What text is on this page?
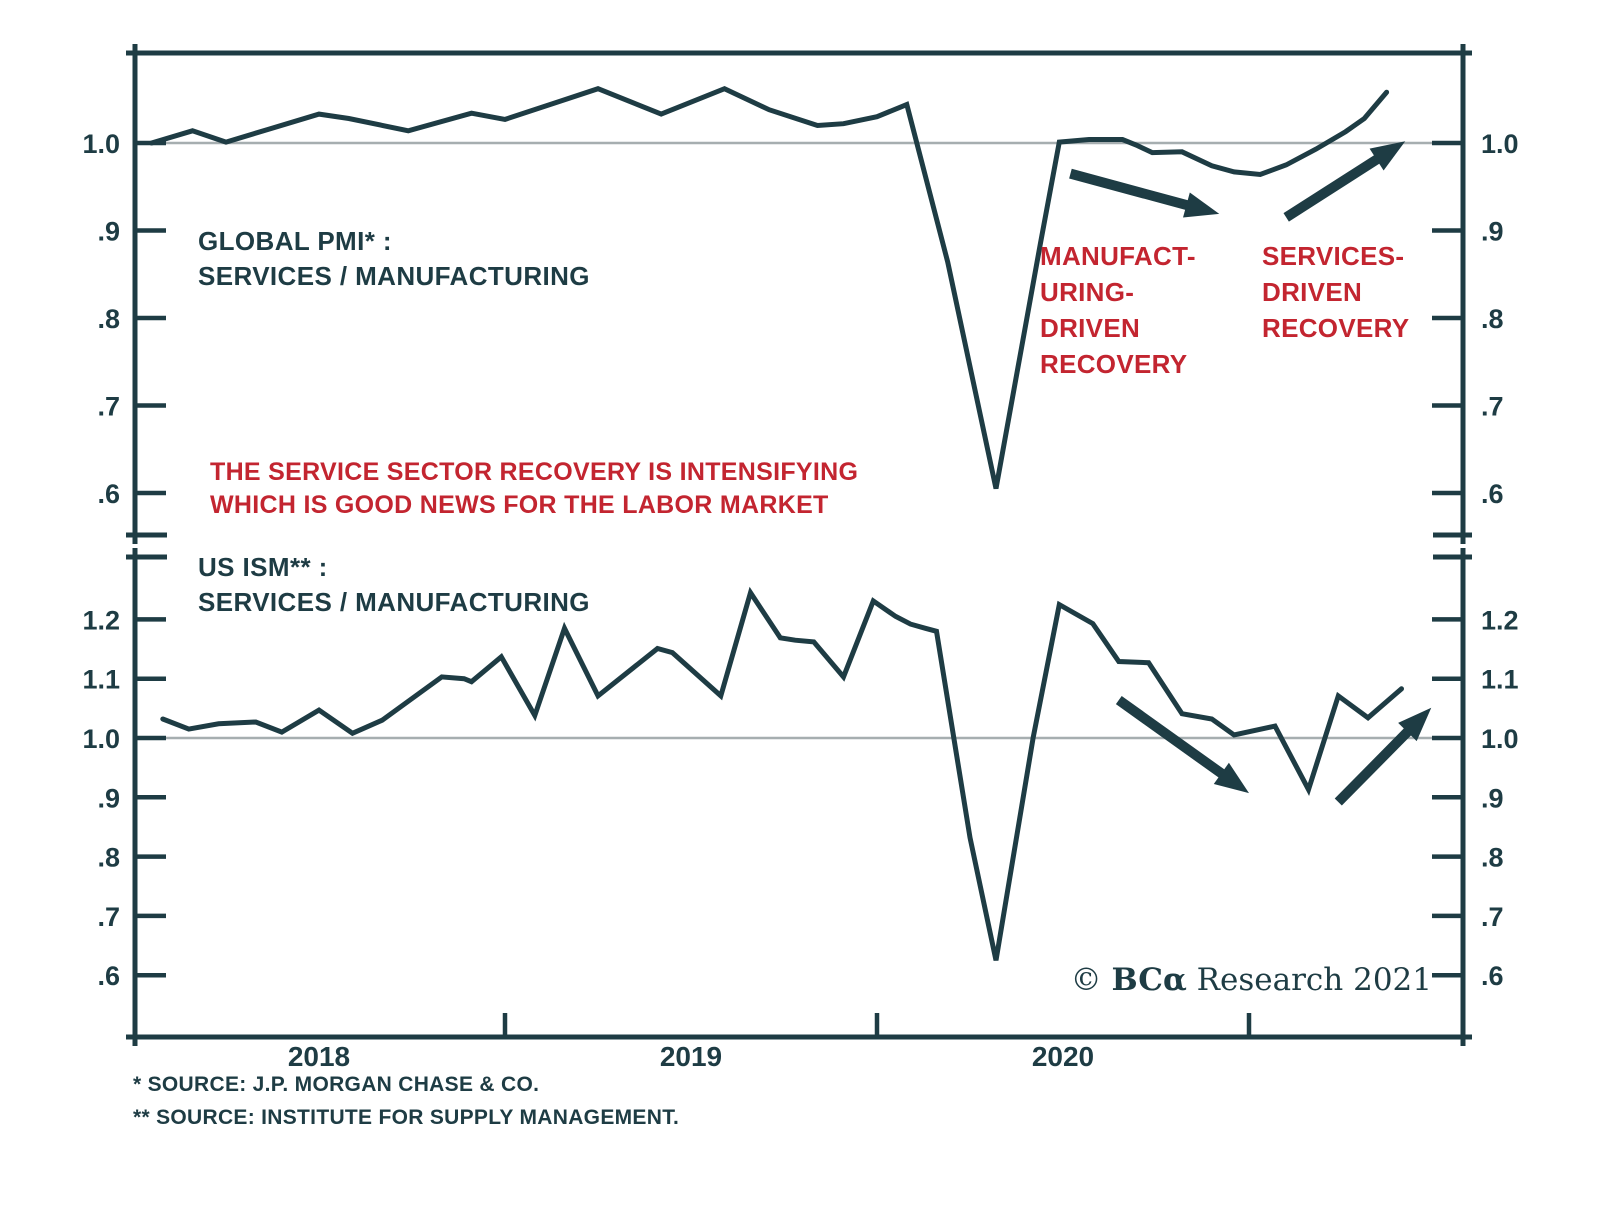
1.0	1.0
.9	.9
.8	.8
.7	.7
.6	.6
1.2	1.2
1.1	1.1
1.0	1.0
.9	.9
.8	.8
.7	.7
.6	.6
2018	2019	2020
GLOBAL PMI* :
SERVICES / MANUFACTURING
THE SERVICE SECTOR RECOVERY IS INTENSIFYING
WHICH IS GOOD NEWS FOR THE LABOR MARKET
US ISM** :
SERVICES / MANUFACTURING
MANUFACT-
URING-
DRIVEN
RECOVERY
SERVICES-
DRIVEN
RECOVERY
* SOURCE: J.P. MORGAN CHASE & CO.
** SOURCE: INSTITUTE FOR SUPPLY MANAGEMENT.
© BCα Research 2021
